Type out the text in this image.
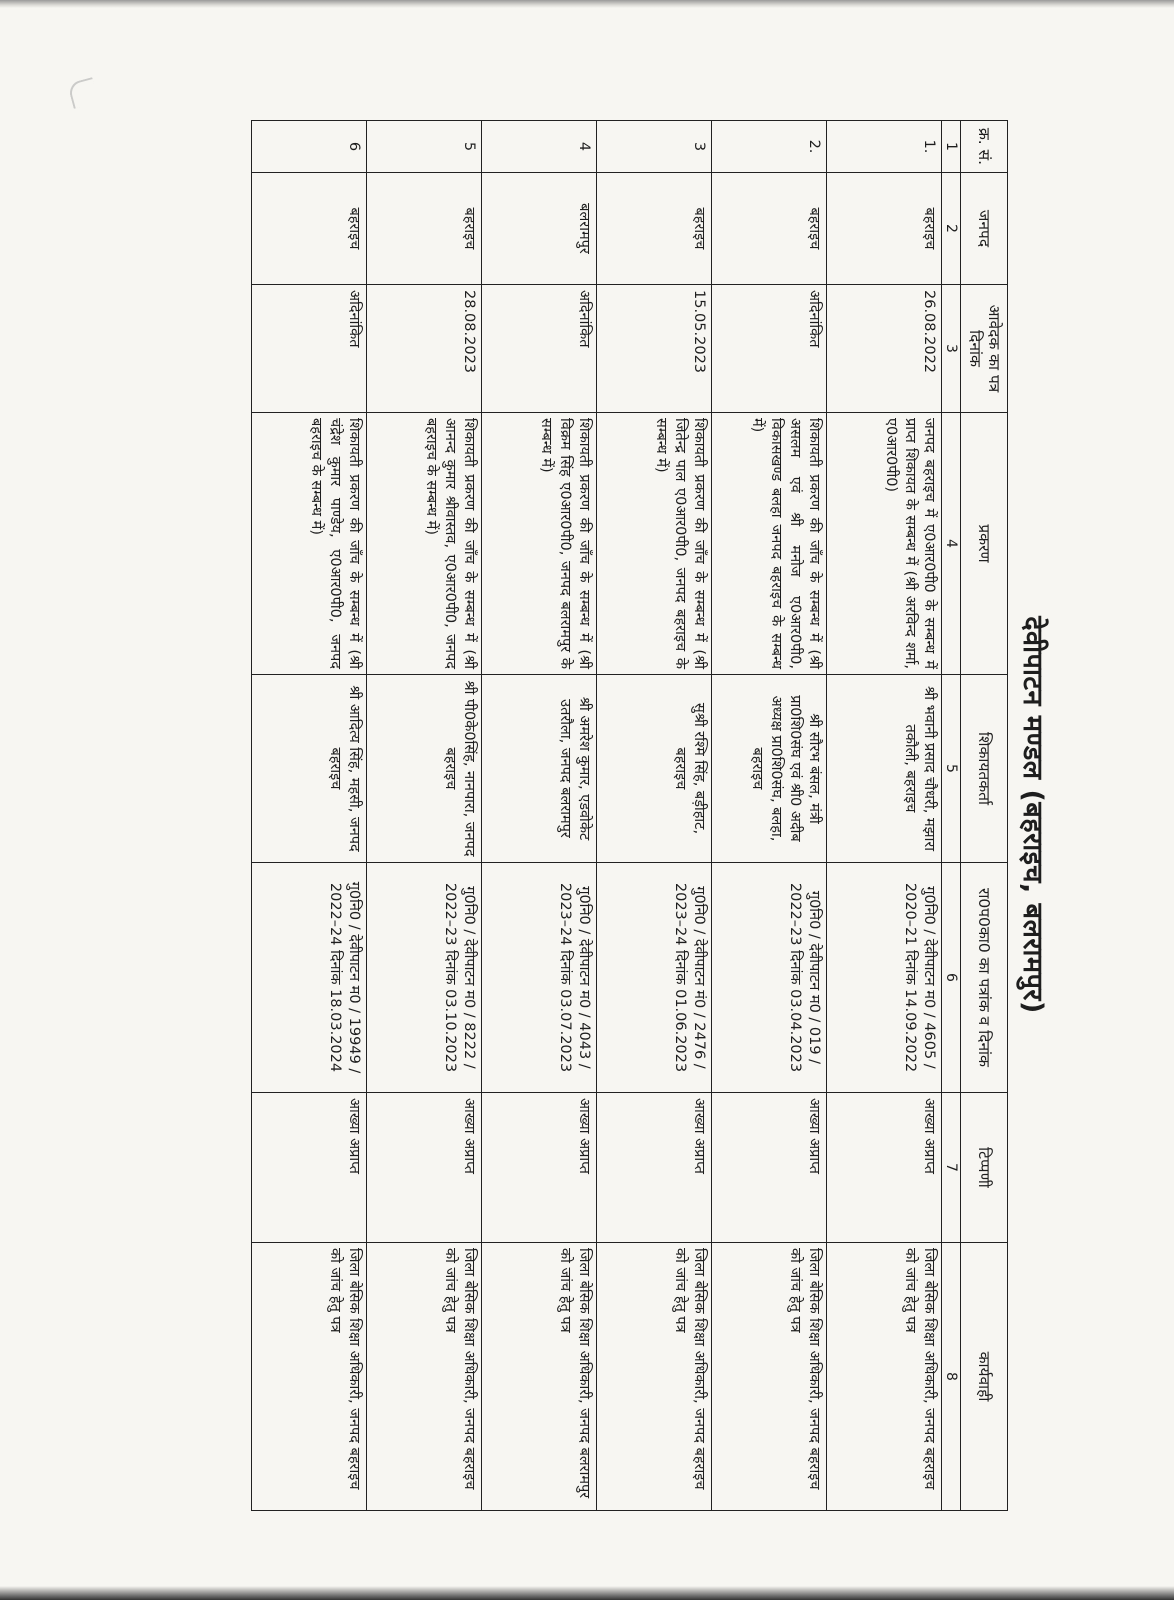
देवीपाटन मण्डल (बहराइच, बलरामपुर)
क्र. सं.	जनपद	आवेदक का पत्र दिनांक	प्रकरण	शिकायतकर्ता	रा0प0का0 का पत्रांक व दिनांक	टिप्पणी	कार्यवाही
1	2	3	4	5	6	7	8
1.	बहराइच	26.08.2022	जनपद बहराइच में ए0आर0पी0 के सम्बन्ध में प्राप्त शिकायत के सम्बन्ध में (श्री अरविन्द शर्मा, ए0आर0पी0)	श्री भवानी प्रसाद चौधरी, मझारा तकौली, बहराइच	गु0नि0 / देवीपाटन म0 / 4605 / 2020–21 दिनांक 14.09.2022	आख्या अप्राप्त	जिला बेसिक शिक्षा अधिकारी, जनपद बहराइच को जांच हेतु पत्र
2.	बहराइच	अदिनांकित	शिकायती प्रकरण की जाँच के सम्बन्ध में (श्री असलम एवं श्री मनोज ए0आर0पी0, विकासखण्ड बलहा जनपद बहराइच के सम्बन्ध में)	श्री सौरभ बंसल, मंत्री प्रा0शि0संघ एवं श्री0 अदीब अध्यक्ष प्रा0शि0संघ, बलहा, बहराइच	गु0नि0 / देवीपाटन म0 / 019 / 2022–23 दिनांक 03.04.2023	आख्या अप्राप्त	जिला बेसिक शिक्षा अधिकारी, जनपद बहराइच को जांच हेतु पत्र
3	बहराइच	15.05.2023	शिकायती प्रकरण की जाँच के सम्बन्ध में (श्री जितेन्द्र पाल ए0आर0पी0, जनपद बहराइच के सम्बन्ध में)	सुश्री रश्मि सिंह, बड़ीहाट, बहराइच	गु0नि0 / देवीपाटन मं0 / 2476 / 2023–24 दिनांक 01.06.2023	आख्या अप्राप्त	जिला बेसिक शिक्षा अधिकारी, जनपद बहराइच को जांच हेतु पत्र
4	बलरामपुर	अदिनांकित	शिकायती प्रकरण की जाँच के सम्बन्ध में (श्री विक्रम सिंह ए0आर0पी0, जनपद बलरामपुर के सम्बन्ध में)	श्री अमरेश कुमार, एडवोकेट उतरौला, जनपद बलरामपुर	गु0नि0 / देवीपाटन म0 / 4043 / 2023–24 दिनांक 03.07.2023	आख्या अप्राप्त	जिला बेसिक शिक्षा अधिकारी, जनपद बलरामपुर को जांच हेतु पत्र
5	बहराइच	28.08.2023	शिकायती प्रकरण की जाँच के सम्बन्ध में (श्री आनन्द कुमार श्रीवास्तव, ए0आर0पी0, जनपद बहराइच के सम्बन्ध में)	श्री पी0के0सिंह, नानपारा, जनपद बहराइच	गु0नि0 / देवीपाटन म0 / 8222 / 2022–23 दिनांक 03.10.2023	आख्या अप्राप्त	जिला बेसिक शिक्षा अधिकारी, जनपद बहराइच को जांच हेतु पत्र
6	बहराइच	अदिनांकित	शिकायती प्रकरण की जाँच के सम्बन्ध में (श्री चंद्रेश कुमार पाण्डेय, ए0आर0पी0, जनपद बहराइच के सम्बन्ध में)	श्री आदित्य सिंह, महसी, जनपद बहराइच	गु0नि0 / देवीपाटन म0 / 19949 / 2022–24 दिनांक 18.03.2024	आख्या अप्राप्त	जिला बेसिक शिक्षा अधिकारी, जनपद बहराइच को जांच हेतु पत्र
